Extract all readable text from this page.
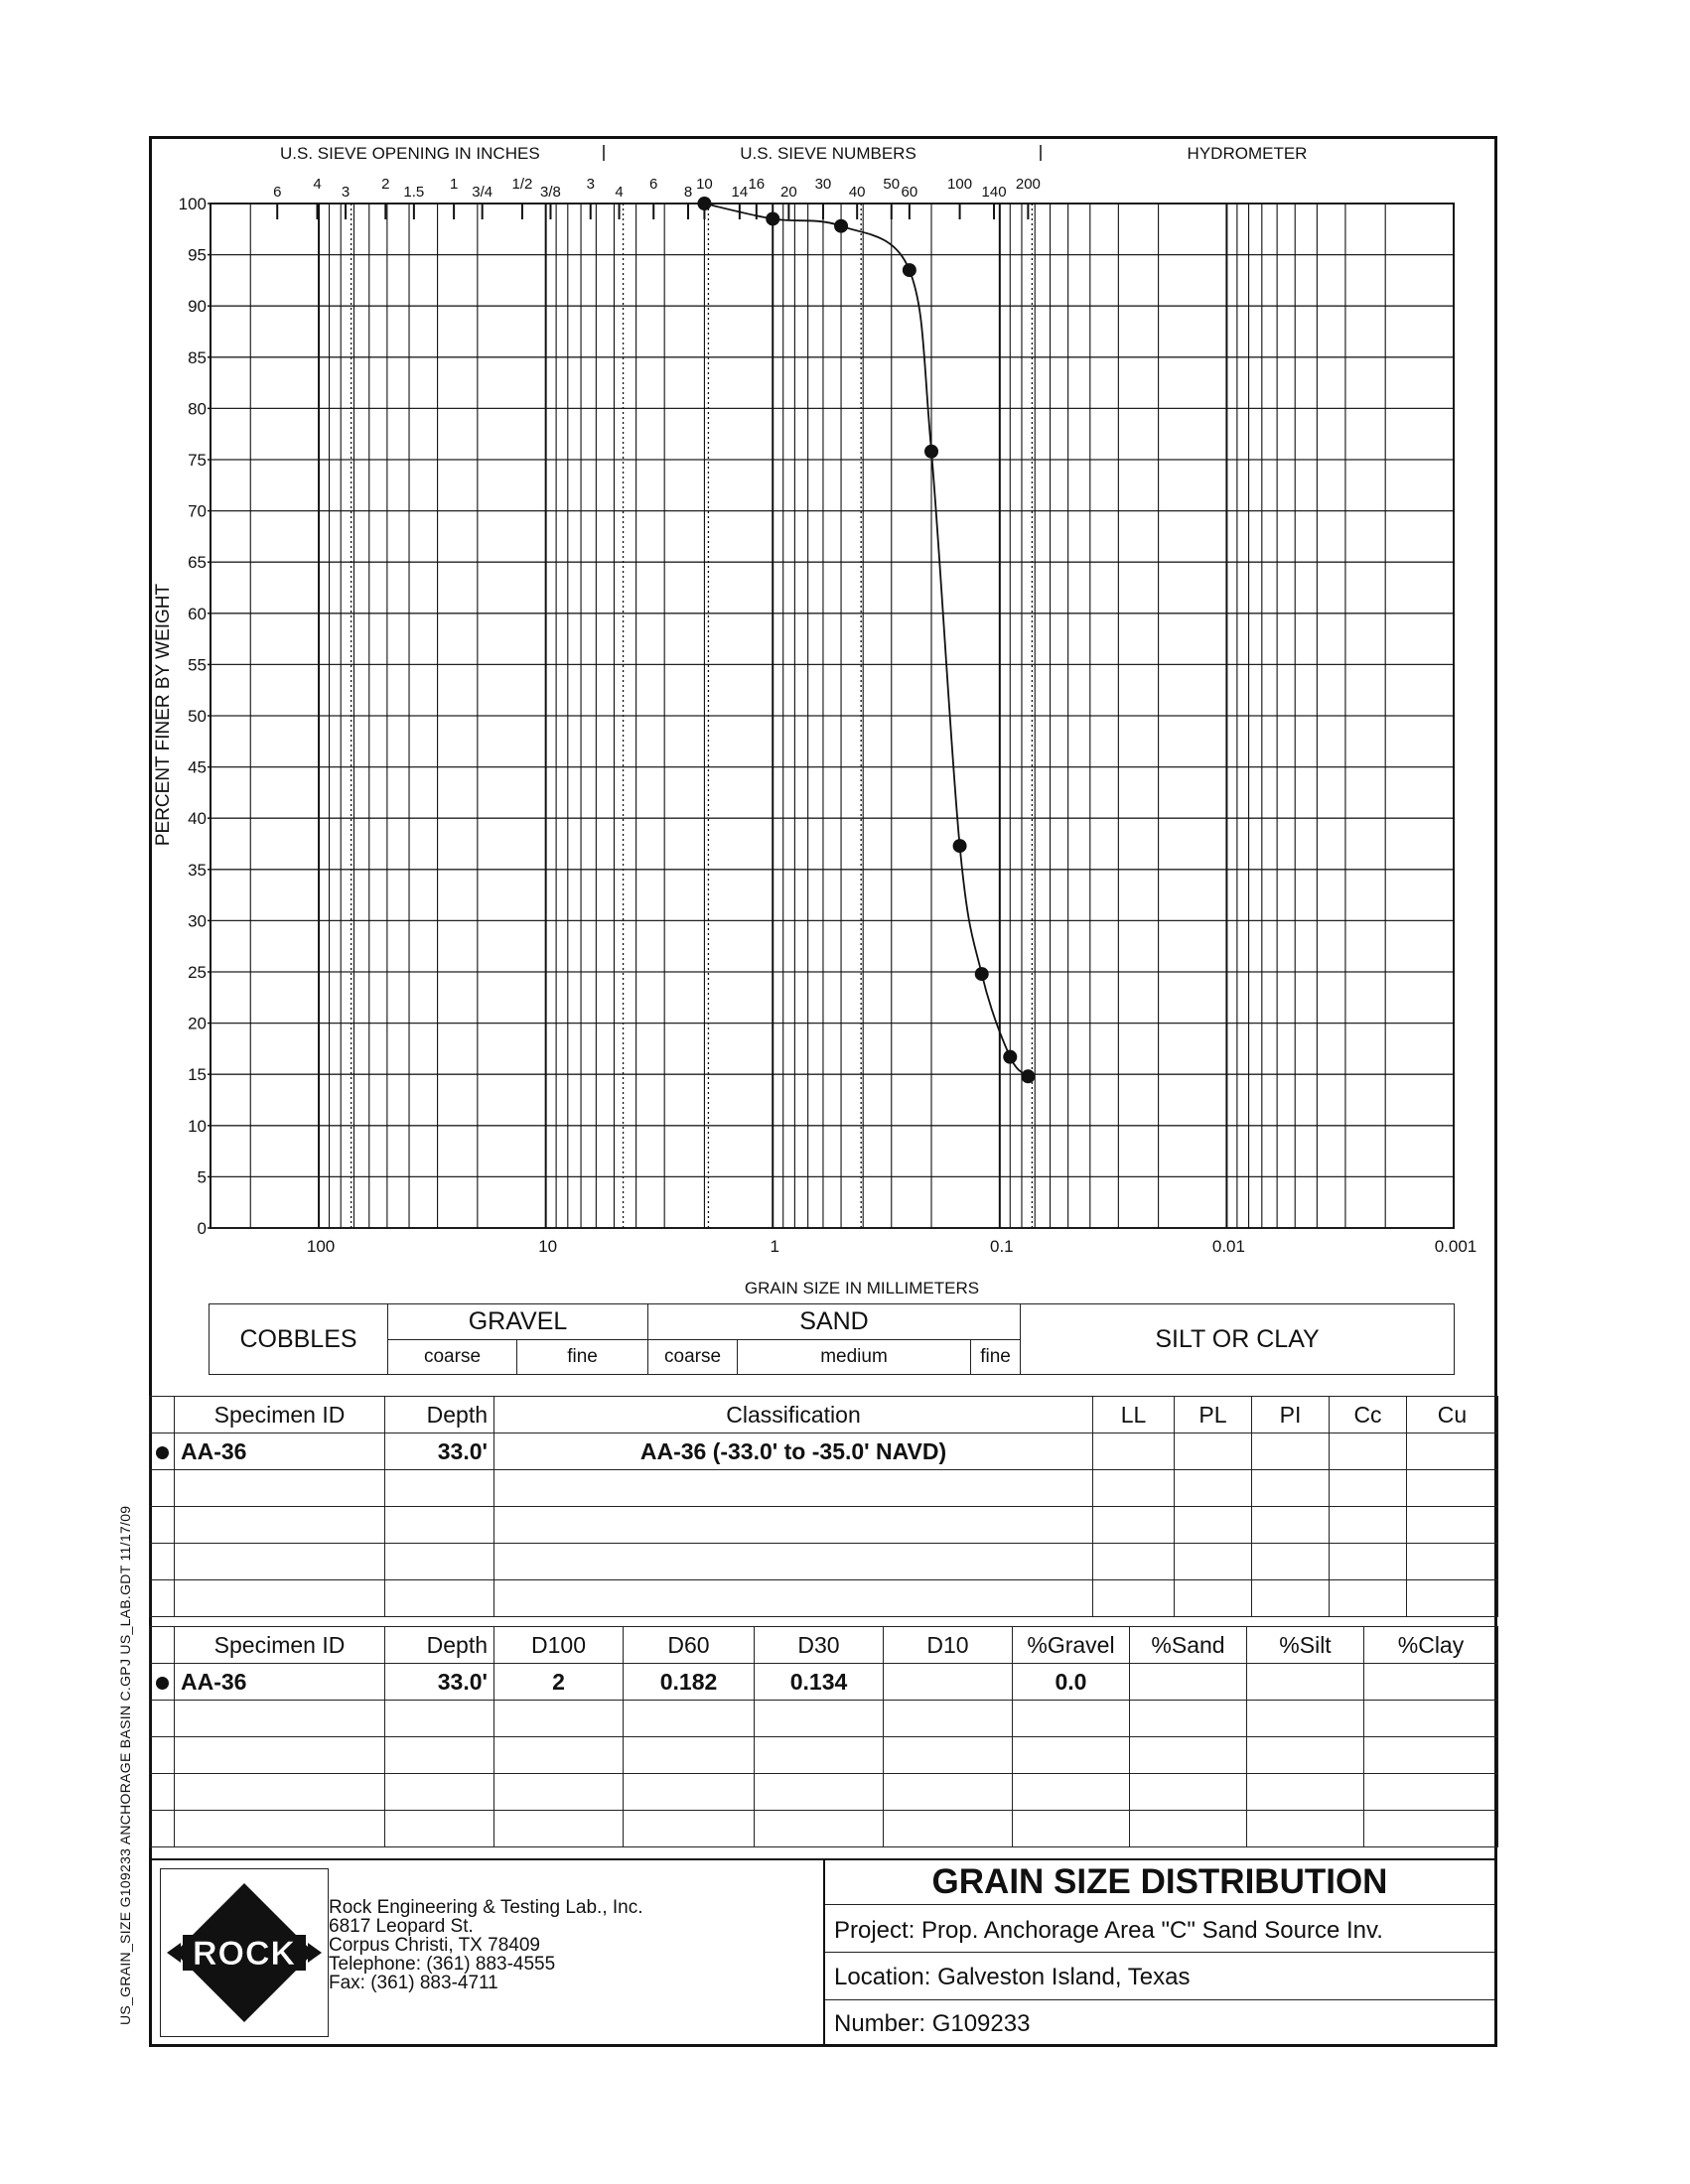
100
95
90
85
80
75
70
65
60
55
50
45
40
35
30
25
20
15
10
5
0
100	10	1	0.1	0.01	0.001
GRAIN SIZE IN MILLIMETERS
PERCENT FINER BY WEIGHT
U.S. SIEVE OPENING IN INCHES	U.S. SIEVE NUMBERS	HYDROMETER
6 4 3 2 1.5 1 3/4 1/2 3/8 3 4 6 8 10 14 16 20 30 40 50 60 100 140 200
US_GRAIN_SIZE G109233 ANCHORAGE BASIN C.GPJ US_LAB.GDT 11/17/09
COBBLES	GRAVEL		SAND			SILT OR CLAY
	coarse	fine	coarse	medium	fine	
	Specimen ID	Depth	Classification	LL	PL	PI	Cc	Cu
	AA-36	33.0'	AA-36 (-33.0' to -35.0' NAVD)					

	Specimen ID	Depth	D100	D60	D30	D10	%Gravel	%Sand	%Silt	%Clay
	AA-36	33.0'	2	0.182	0.134		0.0			

ROCK
Rock Engineering & Testing Lab., Inc.
6817 Leopard St.
Corpus Christi, TX 78409
Telephone: (361) 883-4555
Fax: (361) 883-4711
GRAIN SIZE DISTRIBUTION
Project: Prop. Anchorage Area "C" Sand Source Inv.
Location: Galveston Island, Texas
Number: G109233
